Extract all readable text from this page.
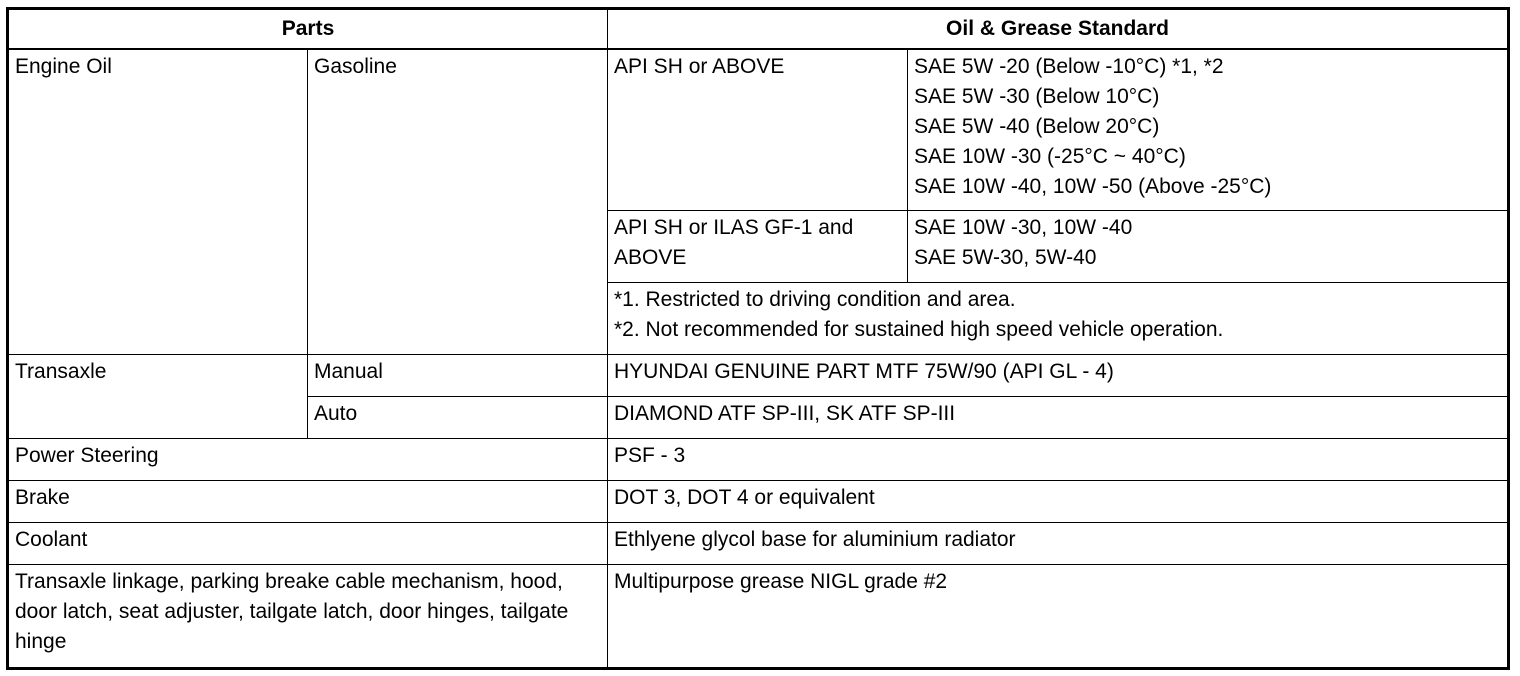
Parts		Oil & Grease Standard	
Engine Oil	Gasoline	API SH or ABOVE	SAE 5W -20 (Below -10°C) *1, *2
SAE 5W -30 (Below 10°C)
SAE 5W -40 (Below 20°C)
SAE 10W -30 (-25°C ~ 40°C)
SAE 10W -40, 10W -50 (Above -25°C)

		API SH or ILAS GF-1 and ABOVE	SAE 10W -30, 10W -40
SAE 5W-30, 5W-40

		*1. Restricted to driving condition and area.
*2. Not recommended for sustained high speed vehicle operation.	

Transaxle	Manual	HYUNDAI GENUINE PART MTF 75W/90 (API GL - 4)	
	Auto	DIAMOND ATF SP-III, SK ATF SP-III	
Power Steering		PSF - 3	
Brake		DOT 3, DOT 4 or equivalent	
Coolant		Ethlyene glycol base for aluminium radiator	
Transaxle linkage, parking breake cable mechanism, hood, door latch, seat adjuster, tailgate latch, door hinges, tailgate hinge		Multipurpose grease NIGL grade #2	
